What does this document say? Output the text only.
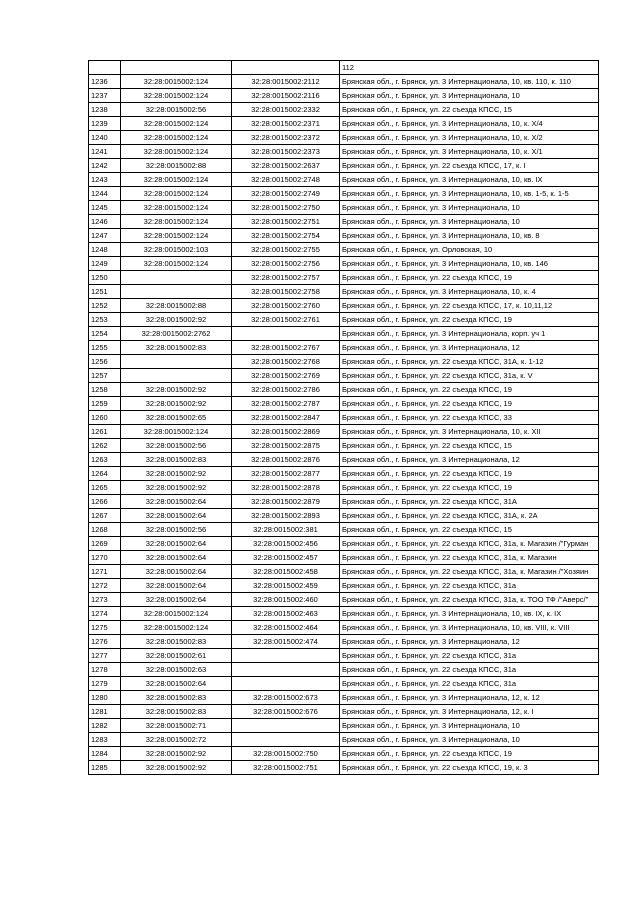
			112
1236	32:28:0015002:124	32:28:0015002:2112	Брянская обл., г. Брянск, ул. 3 Интернационала, 10, кв. 110, к. 110
1237	32:28:0015002:124	32:28:0015002:2116	Брянская обл., г. Брянск, ул. 3 Интернационала, 10
1238	32:28:0015002:56	32:28:0015002:2332	Брянская обл., г. Брянск, ул. 22 съезда КПСС, 15
1239	32:28:0015002:124	32:28:0015002:2371	Брянская обл., г. Брянск, ул. 3 Интернационала, 10, к. Х/4
1240	32:28:0015002:124	32:28:0015002:2372	Брянская обл., г. Брянск, ул. 3 Интернационала, 10, к. Х/2
1241	32:28:0015002:124	32:28:0015002:2373	Брянская обл., г. Брянск, ул. 3 Интернационала, 10, к. Х/1
1242	32:28:0015002:88	32:28:0015002:2637	Брянская обл., г. Брянск, ул. 22 съезда КПСС, 17, к. I
1243	32:28:0015002:124	32:28:0015002:2748	Брянская обл., г. Брянск, ул. 3 Интернационала, 10, кв. IX
1244	32:28:0015002:124	32:28:0015002:2749	Брянская обл., г. Брянск, ул. 3 Интернационала, 10, кв. 1-5, к. 1-5
1245	32:28:0015002:124	32:28:0015002:2750	Брянская обл., г. Брянск, ул. 3 Интернационала, 10
1246	32:28:0015002:124	32:28:0015002:2751	Брянская обл., г. Брянск, ул. 3 Интернационала, 10
1247	32:28:0015002:124	32:28:0015002:2754	Брянская обл., г. Брянск, ул. 3 Интернационала, 10, кв. 8
1248	32:28:0015002:103	32:28:0015002:2755	Брянская обл., г. Брянск, ул. Орловская, 10
1249	32:28:0015002:124	32:28:0015002:2756	Брянская обл., г. Брянск, ул. 3 Интернационала, 10, кв. 146
1250		32:28:0015002:2757	Брянская обл., г. Брянск, ул. 22 съезда КПСС, 19
1251		32:28:0015002:2758	Брянская обл., г. Брянск, ул. 3 Интернационала, 10, к. 4
1252	32:28:0015002:88	32:28:0015002:2760	Брянская обл., г. Брянск, ул. 22 съезда КПСС, 17, к. 10,11,12
1253	32:28:0015002:92	32:28:0015002:2761	Брянская обл., г. Брянск, ул. 22 съезда КПСС, 19
1254	32:28:0015002:2762		Брянская обл., г. Брянск, ул. 3 Интернационала, корп. уч 1
1255	32:28:0015002:83	32:28:0015002:2767	Брянская обл., г. Брянск, ул. 3 Интернационала, 12
1256		32:28:0015002:2768	Брянская обл., г. Брянск, ул. 22 съезда КПСС, 31А, к. 1-12
1257		32:28:0015002:2769	Брянская обл., г. Брянск, ул. 22 съезда КПСС, 31а, к. V
1258	32:28:0015002:92	32:28:0015002:2786	Брянская обл., г. Брянск, ул. 22 съезда КПСС, 19
1259	32:28:0015002:92	32:28:0015002:2787	Брянская обл., г. Брянск, ул. 22 съезда КПСС, 19
1260	32:28:0015002:65	32:28:0015002:2847	Брянская обл., г. Брянск, ул. 22 съезда КПСС, 33
1261	32:28:0015002:124	32:28:0015002:2869	Брянская обл., г. Брянск, ул. 3 Интернационала, 10, к. XII
1262	32:28:0015002:56	32:28:0015002:2875	Брянская обл., г. Брянск, ул. 22 съезда КПСС, 15
1263	32:28:0015002:83	32:28:0015002:2876	Брянская обл., г. Брянск, ул. 3 Интернационала, 12
1264	32:28:0015002:92	32:28:0015002:2877	Брянская обл., г. Брянск, ул. 22 съезда КПСС, 19
1265	32:28:0015002:92	32:28:0015002:2878	Брянская обл., г. Брянск, ул. 22 съезда КПСС, 19
1266	32:28:0015002:64	32:28:0015002:2879	Брянская обл., г. Брянск, ул. 22 съезда КПСС, 31А
1267	32:28:0015002:64	32:28:0015002:2893	Брянская обл., г. Брянск, ул. 22 съезда КПСС, 31А, к. 2А
1268	32:28:0015002:56	32:28:0015002:381	Брянская обл., г. Брянск, ул. 22 съезда КПСС, 15
1269	32:28:0015002:64	32:28:0015002:456	Брянская обл., г. Брянск, ул. 22 съезда КПСС, 31а, к. Магазин /"Гурман
1270	32:28:0015002:64	32:28:0015002:457	Брянская обл., г. Брянск, ул. 22 съезда КПСС, 31а, к. Магазин
1271	32:28:0015002:64	32:28:0015002:458	Брянская обл., г. Брянск, ул. 22 съезда КПСС, 31а, к. Магазин /"Хозяин
1272	32:28:0015002:64	32:28:0015002:459	Брянская обл., г. Брянск, ул. 22 съезда КПСС, 31а
1273	32:28:0015002:64	32:28:0015002:460	Брянская обл., г. Брянск, ул. 22 съезда КПСС, 31а, к. ТОО ТФ /"Аверс/"
1274	32:28:0015002:124	32:28:0015002:463	Брянская обл., г. Брянск, ул. 3 Интернационала, 10, кв. IX, к. IX
1275	32:28:0015002:124	32:28:0015002:464	Брянская обл., г. Брянск, ул. 3 Интернационала, 10, кв. VIII, к. VIII
1276	32:28:0015002:83	32:28:0015002:474	Брянская обл., г. Брянск, ул. 3 Интернационала, 12
1277	32:28:0015002:61		Брянская обл., г. Брянск, ул. 22 съезда КПСС, 31а
1278	32:28:0015002:63		Брянская обл., г. Брянск, ул. 22 съезда КПСС, 31а
1279	32:28:0015002:64		Брянская обл., г. Брянск, ул. 22 съезда КПСС, 31а
1280	32:28:0015002:83	32:28:0015002:673	Брянская обл., г. Брянск, ул. 3 Интернационала, 12, к. 12
1281	32:28:0015002:83	32:28:0015002:676	Брянская обл., г. Брянск, ул. 3 Интернационала, 12, к. I
1282	32:28:0015002:71		Брянская обл., г. Брянск, ул. 3 Интернационала, 10
1283	32:28:0015002:72		Брянская обл., г. Брянск, ул. 3 Интернационала, 10
1284	32:28:0015002:92	32:28:0015002:750	Брянская обл., г. Брянск, ул. 22 съезда КПСС, 19
1285	32:28:0015002:92	32:28:0015002:751	Брянская обл., г. Брянск, ул. 22 съезда КПСС, 19, к. 3
